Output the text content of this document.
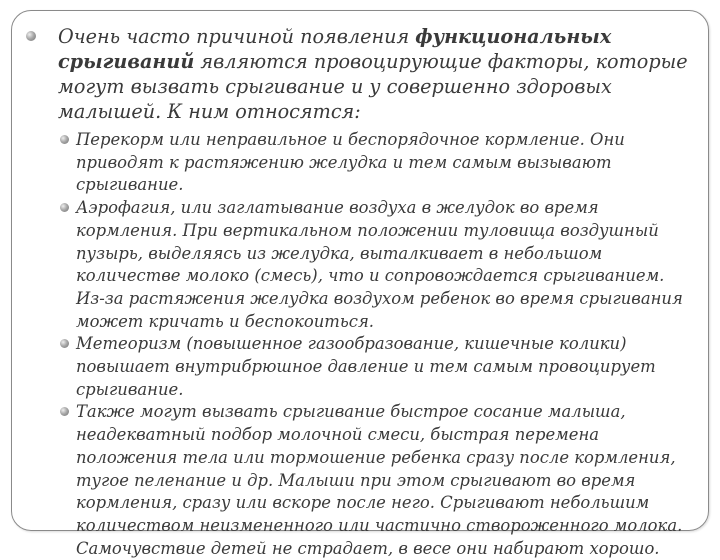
Очень часто причиной появления функциональных срыгиваний являются провоцирующие факторы, которые могут вызвать срыгивание и у совершенно здоровых малышей. К ним относятся:

Перекорм или неправильное и беспорядочное кормление. Они приводят к растяжению желудка и тем самым вызывают срыгивание.
Аэрофагия, или заглатывание воздуха в желудок во время кормления. При вертикальном положении туловища воздушный пузырь, выделяясь из желудка, выталкивает в небольшом количестве молоко (смесь), что и сопровождается срыгиванием. Из-за растяжения желудка воздухом ребенок во время срыгивания может кричать и беспокоиться.
Метеоризм (повышенное газообразование, кишечные колики) повышает внутрибрюшное давление и тем самым провоцирует срыгивание.
Также могут вызвать срыгивание быстрое сосание малыша, неадекватный подбор молочной смеси, быстрая перемена положения тела или тормошение ребенка сразу после кормления, тугое пеленание и др. Малыши при этом срыгивают во время кормления, сразу или вскоре после него. Срыгивают небольшим количеством неизмененного или частично створоженного молока. Самочувствие детей не страдает, в весе они набирают хорошо.
